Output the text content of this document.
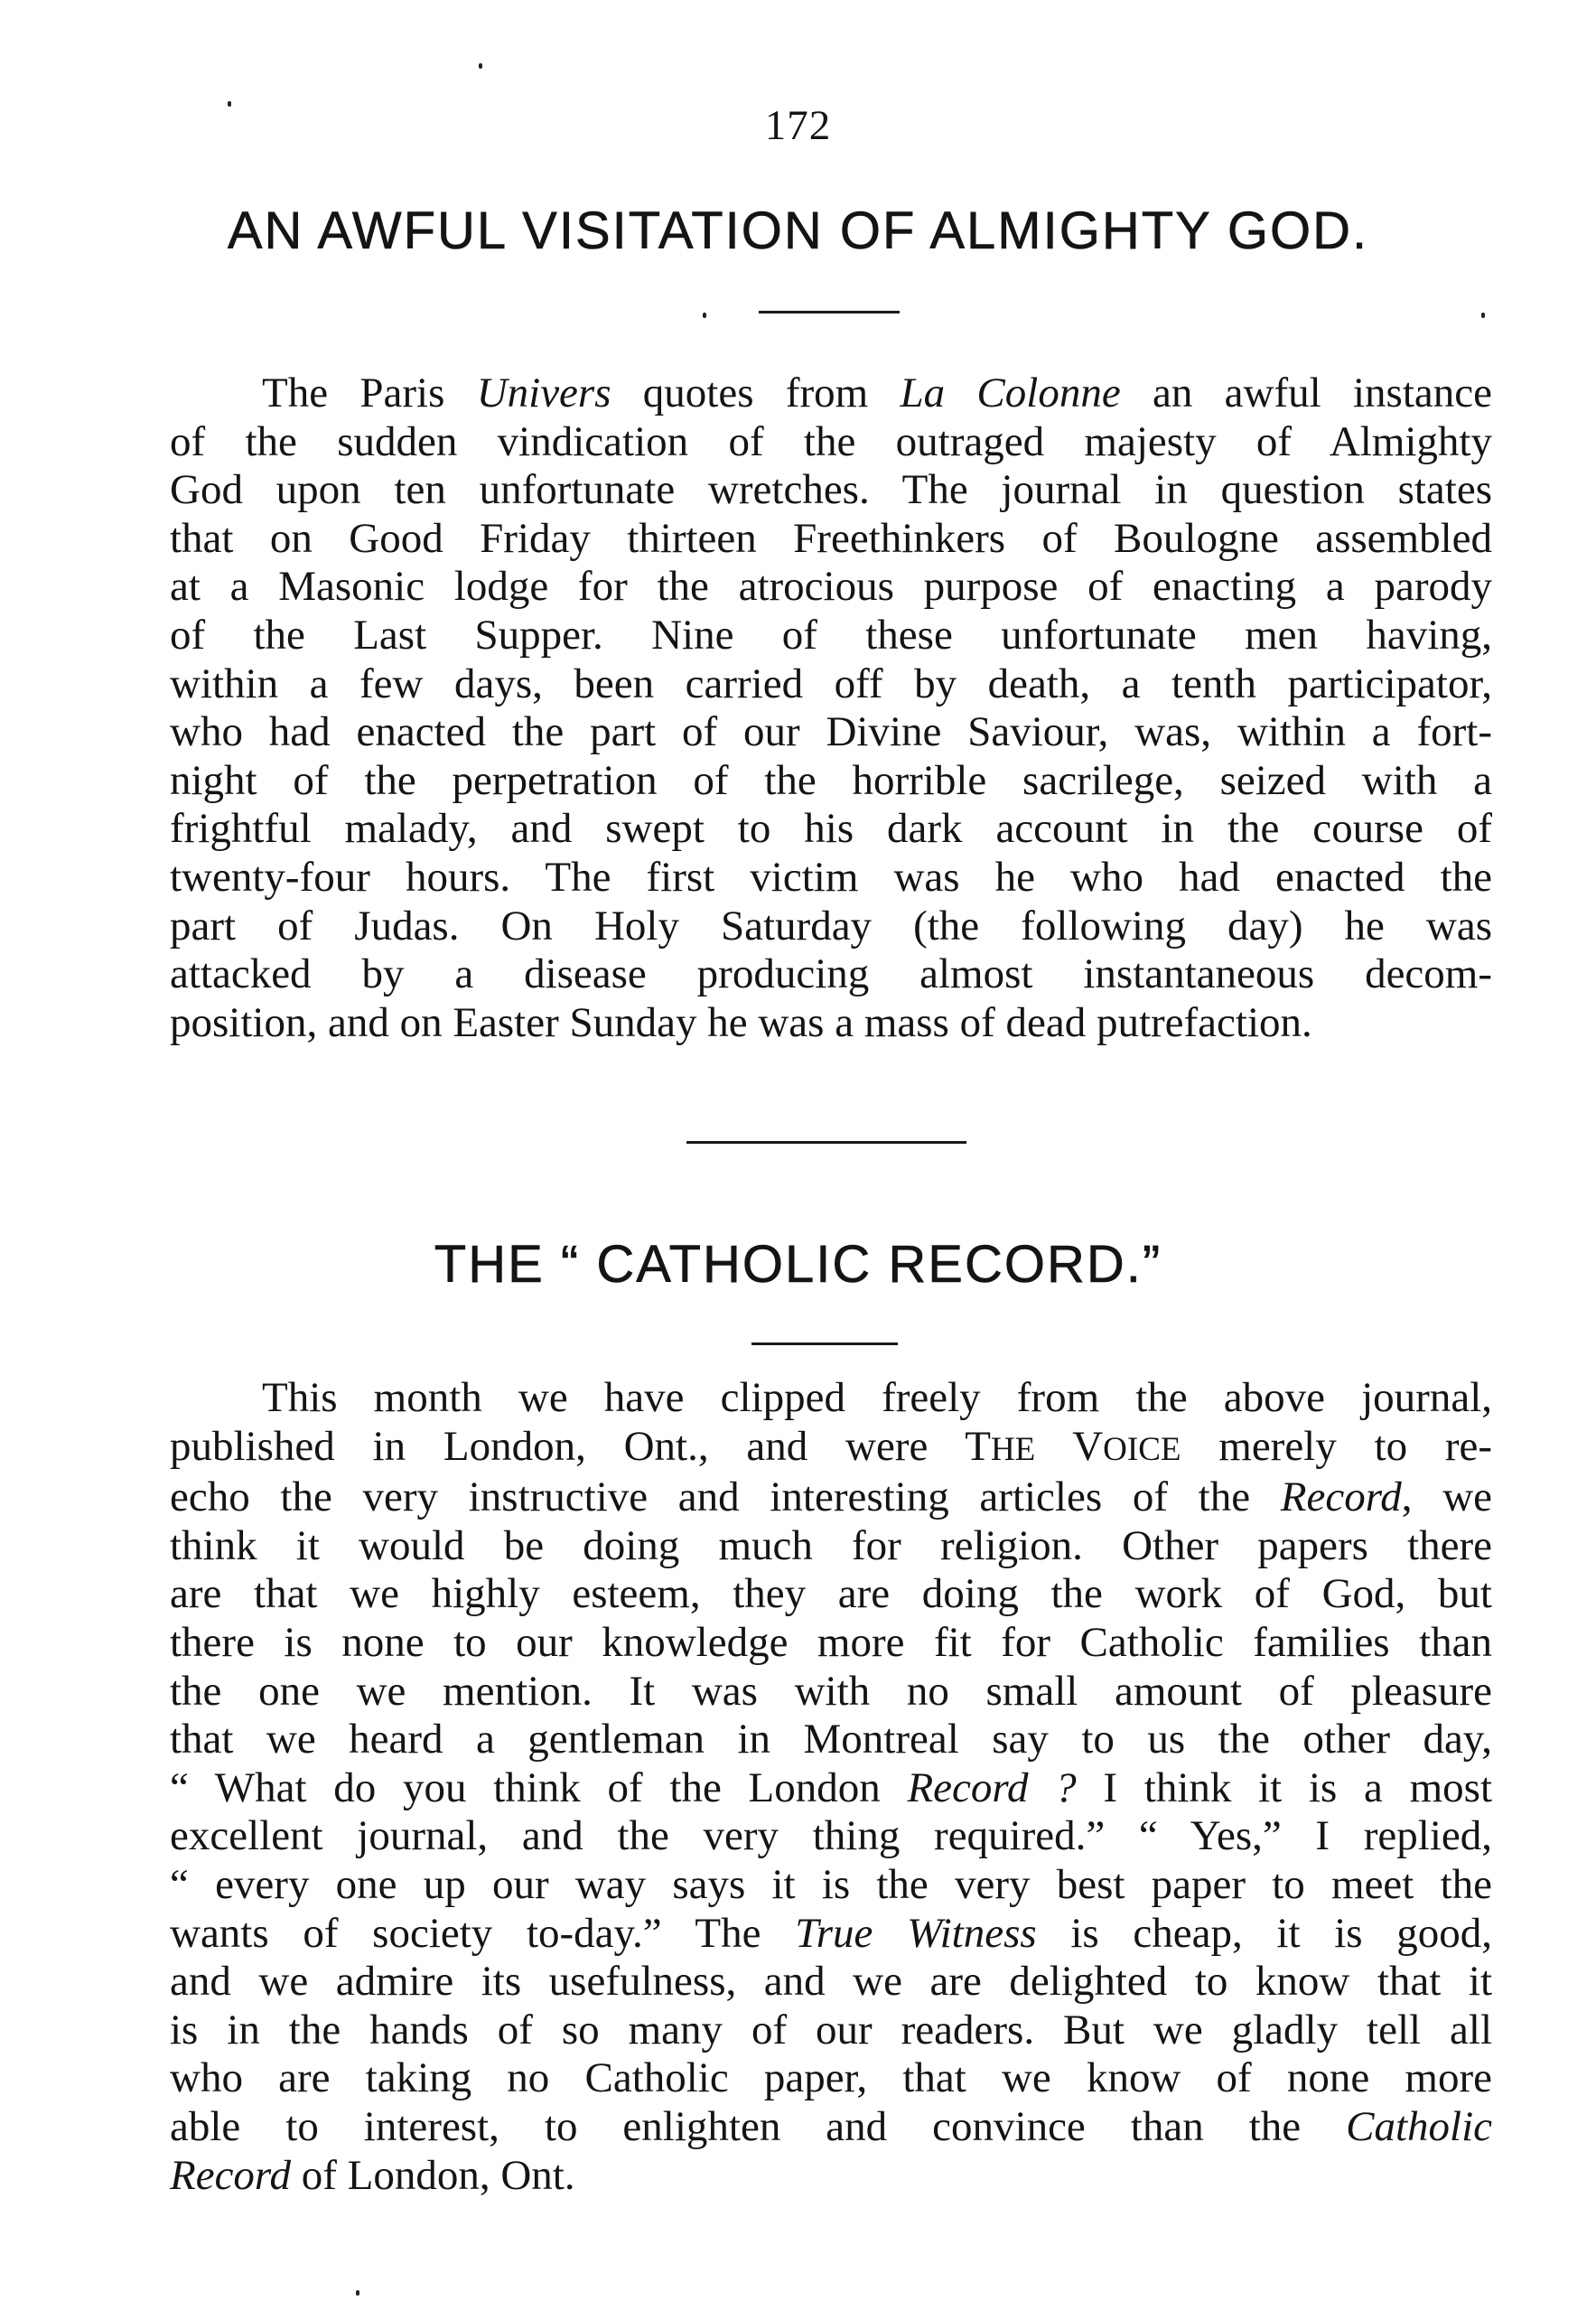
172
AN AWFUL VISITATION OF ALMIGHTY GOD.
The Paris Univers quotes from La Colonne an awful instance
of the sudden vindication of the outraged majesty of Almighty
God upon ten unfortunate wretches. The journal in question states
that on Good Friday thirteen Freethinkers of Boulogne assembled
at a Masonic lodge for the atrocious purpose of enacting a parody
of the Last Supper. Nine of these unfortunate men having,
within a few days, been carried off by death, a tenth participator,
who had enacted the part of our Divine Saviour, was, within a fort-
night of the perpetration of the horrible sacrilege, seized with a
frightful malady, and swept to his dark account in the course of
twenty-four hours. The first victim was he who had enacted the
part of Judas. On Holy Saturday (the following day) he was
attacked by a disease producing almost instantaneous decom-
position, and on Easter Sunday he was a mass of dead putrefaction.
THE “ CATHOLIC RECORD.”
This month we have clipped freely from the above journal,
published in London, Ont., and were THE VOICE merely to re-
echo the very instructive and interesting articles of the Record, we
think it would be doing much for religion. Other papers there
are that we highly esteem, they are doing the work of God, but
there is none to our knowledge more fit for Catholic families than
the one we mention. It was with no small amount of pleasure
that we heard a gentleman in Montreal say to us the other day,
“ What do you think of the London Record ? I think it is a most
excellent journal, and the very thing required.” “ Yes,” I replied,
“ every one up our way says it is the very best paper to meet the
wants of society to-day.” The True Witness is cheap, it is good,
and we admire its usefulness, and we are delighted to know that it
is in the hands of so many of our readers. But we gladly tell all
who are taking no Catholic paper, that we know of none more
able to interest, to enlighten and convince than the Catholic
Record of London, Ont.
